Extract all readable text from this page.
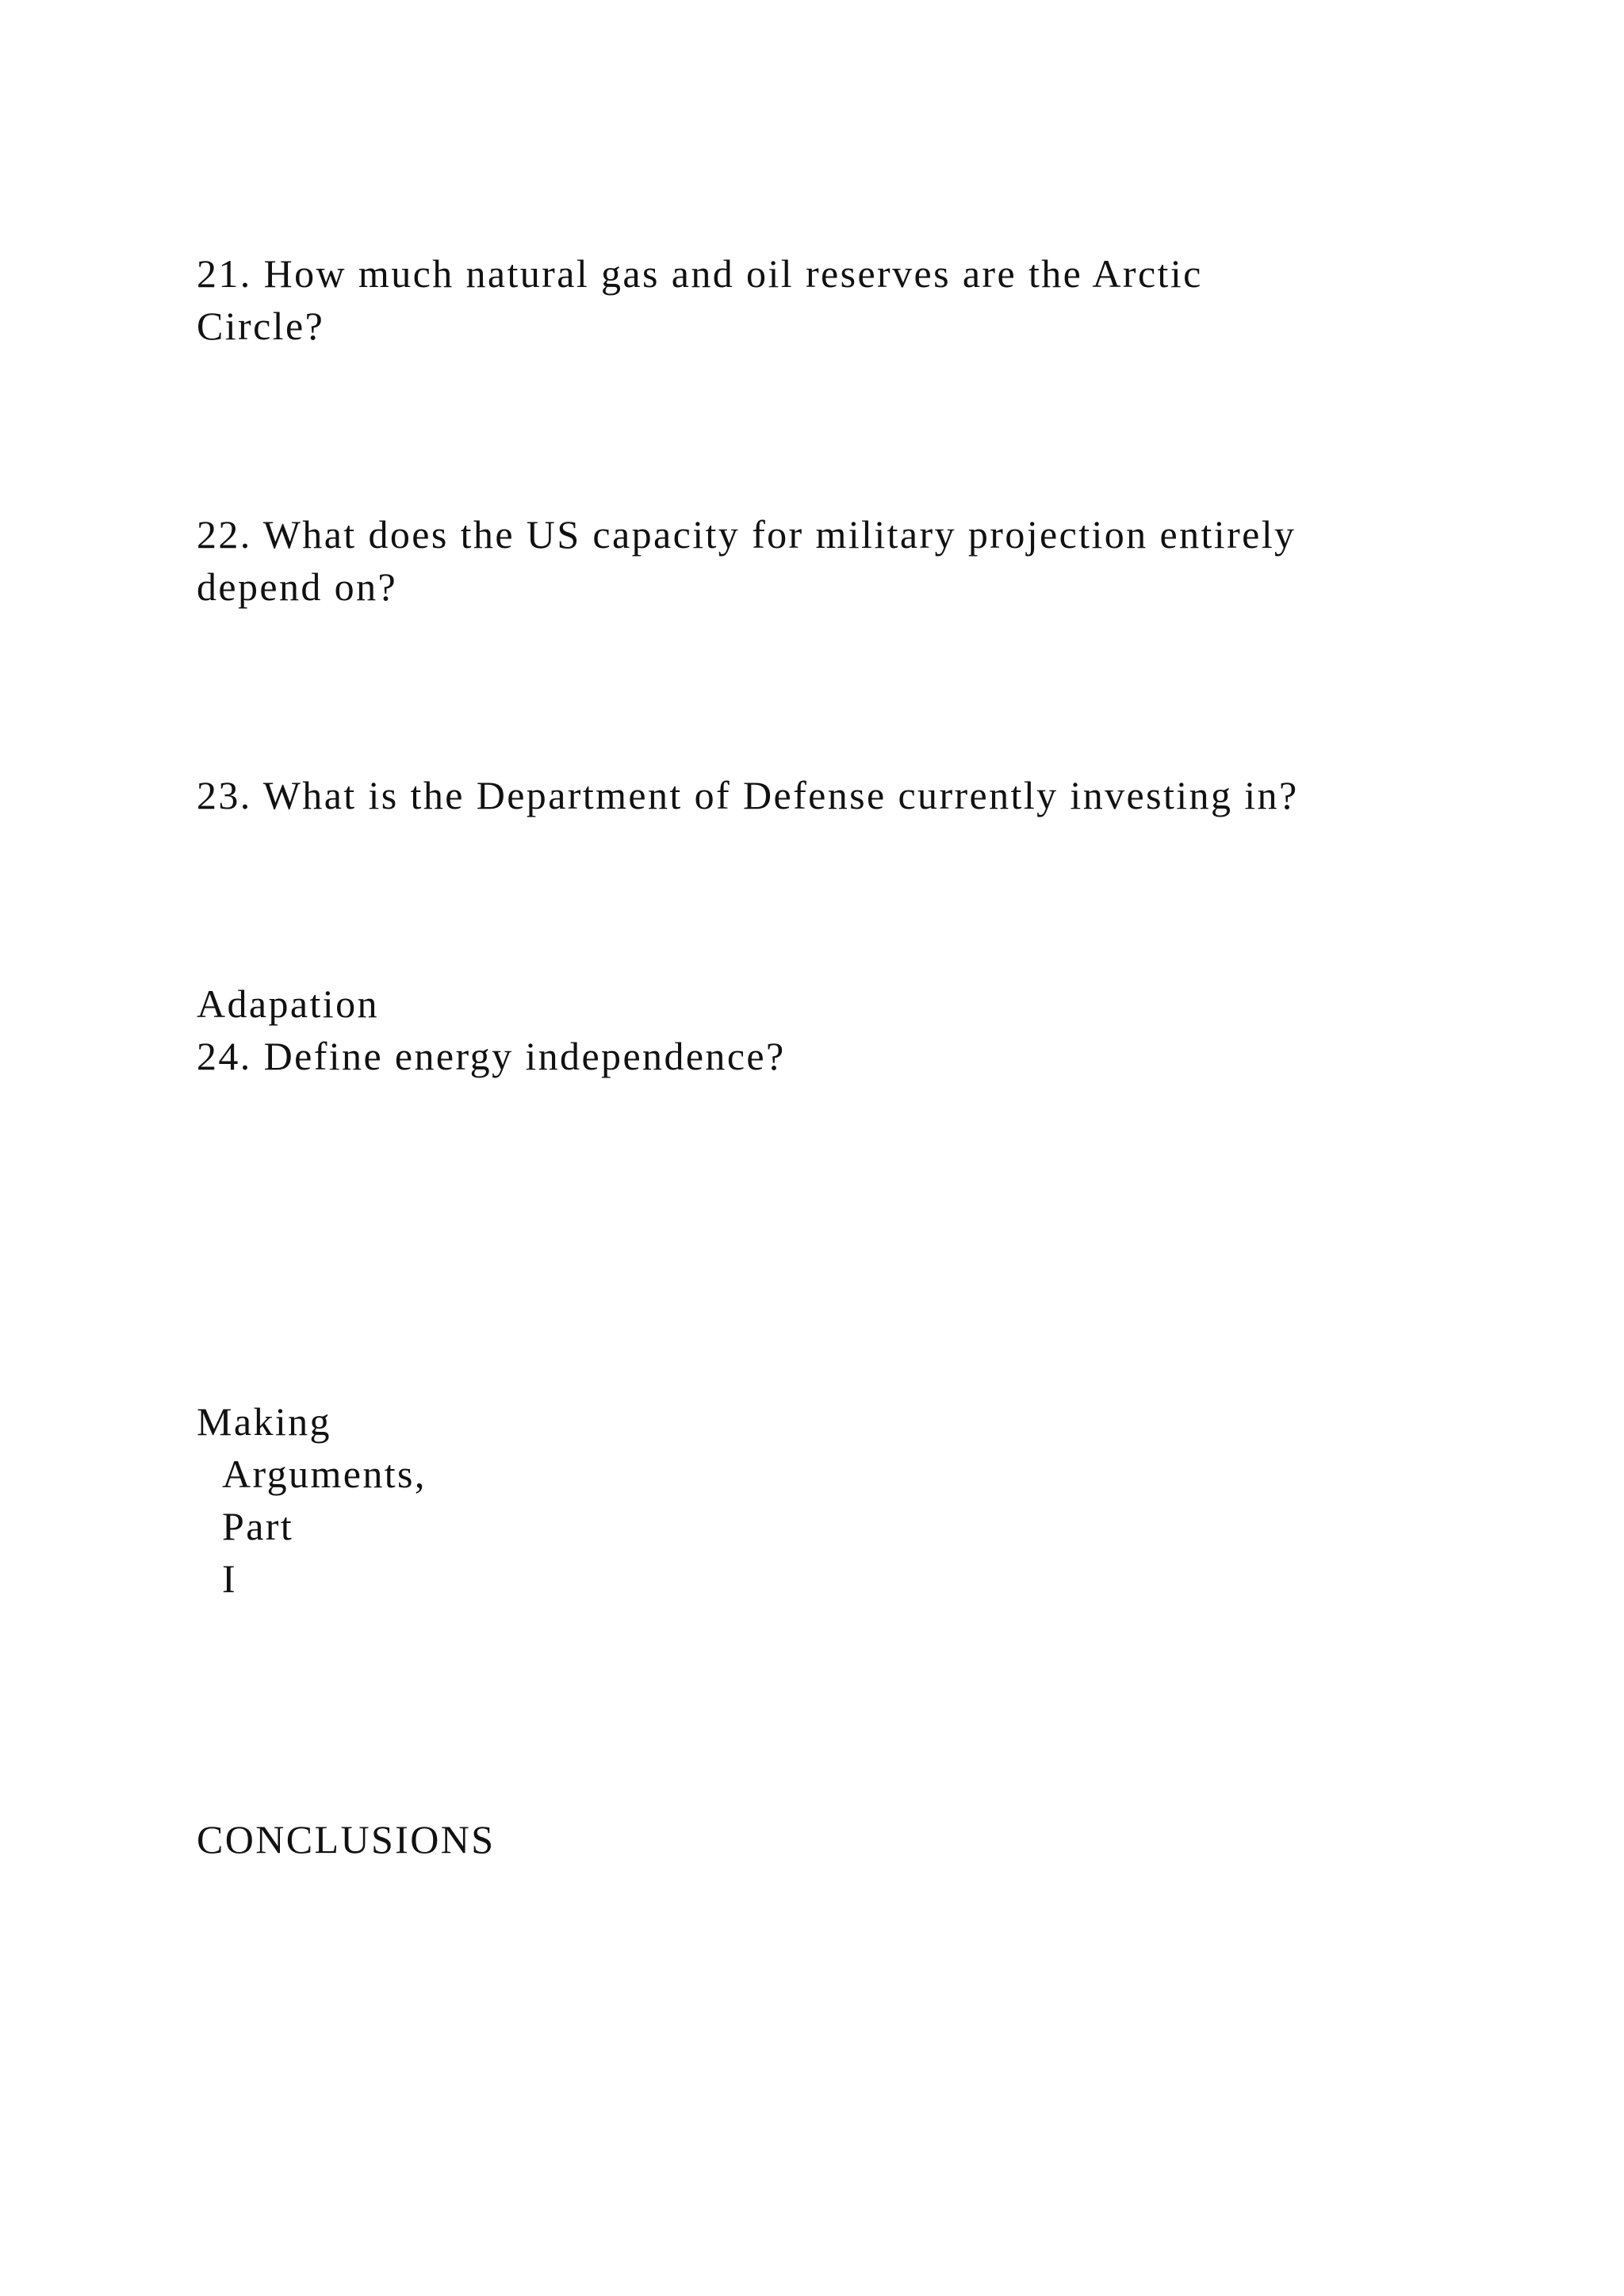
21. How much natural gas and oil reserves are the Arctic

Circle?

22. What does the US capacity for military projection entirely

depend on?

23. What is the Department of Defense currently investing in?

Adapation

24. Define energy independence?

Making

Arguments,

Part

I

CONCLUSIONS
